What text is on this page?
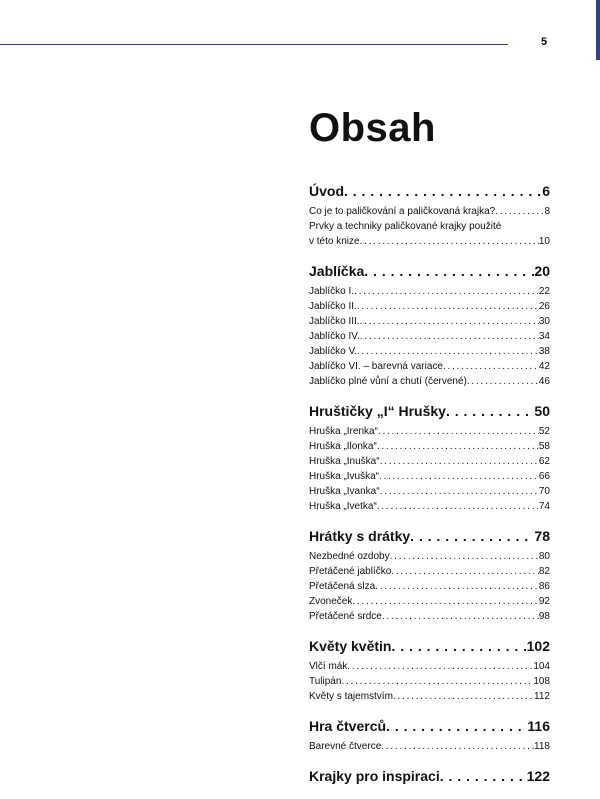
5
Obsah
Úvod . . .	6
Co je to paličkování a paličkovaná krajka? . . .	8
Prvky a techniky paličkované krajky použité
v této knize . . .	10
Jablíčka . . .	20
Jablíčko I. . . .	22
Jablíčko II. . . .	26
Jablíčko III. . . .	30
Jablíčko IV. . . .	34
Jablíčko V. . . .	38
Jablíčko VI. – barevná variace . . .	42
Jablíčko plné vůní a chutí (červené) . . .	46
Hruštičky „I“ Hrušky . . .	50
Hruška „Irenka“ . . .	52
Hruška „Ilonka“ . . .	58
Hruška „Inuška“ . . .	62
Hruška „Ivuška“ . . .	66
Hruška „Ivanka“ . . .	70
Hruška „Ivetka“ . . .	74
Hrátky s drátky . . .	78
Nezbedné ozdoby . . .	80
Přetáčené jablíčko . . .	82
Přetáčená slza . . .	86
Zvoneček . . .	92
Přetáčené srdce . . .	98
Květy květin . . .	102
Vlčí mák . . .	104
Tulipán . . .	108
Květy s tajemstvím . . .	112
Hra čtverců . . .	116
Barevné čtverce . . .	118
Krajky pro inspiraci . . .	122
